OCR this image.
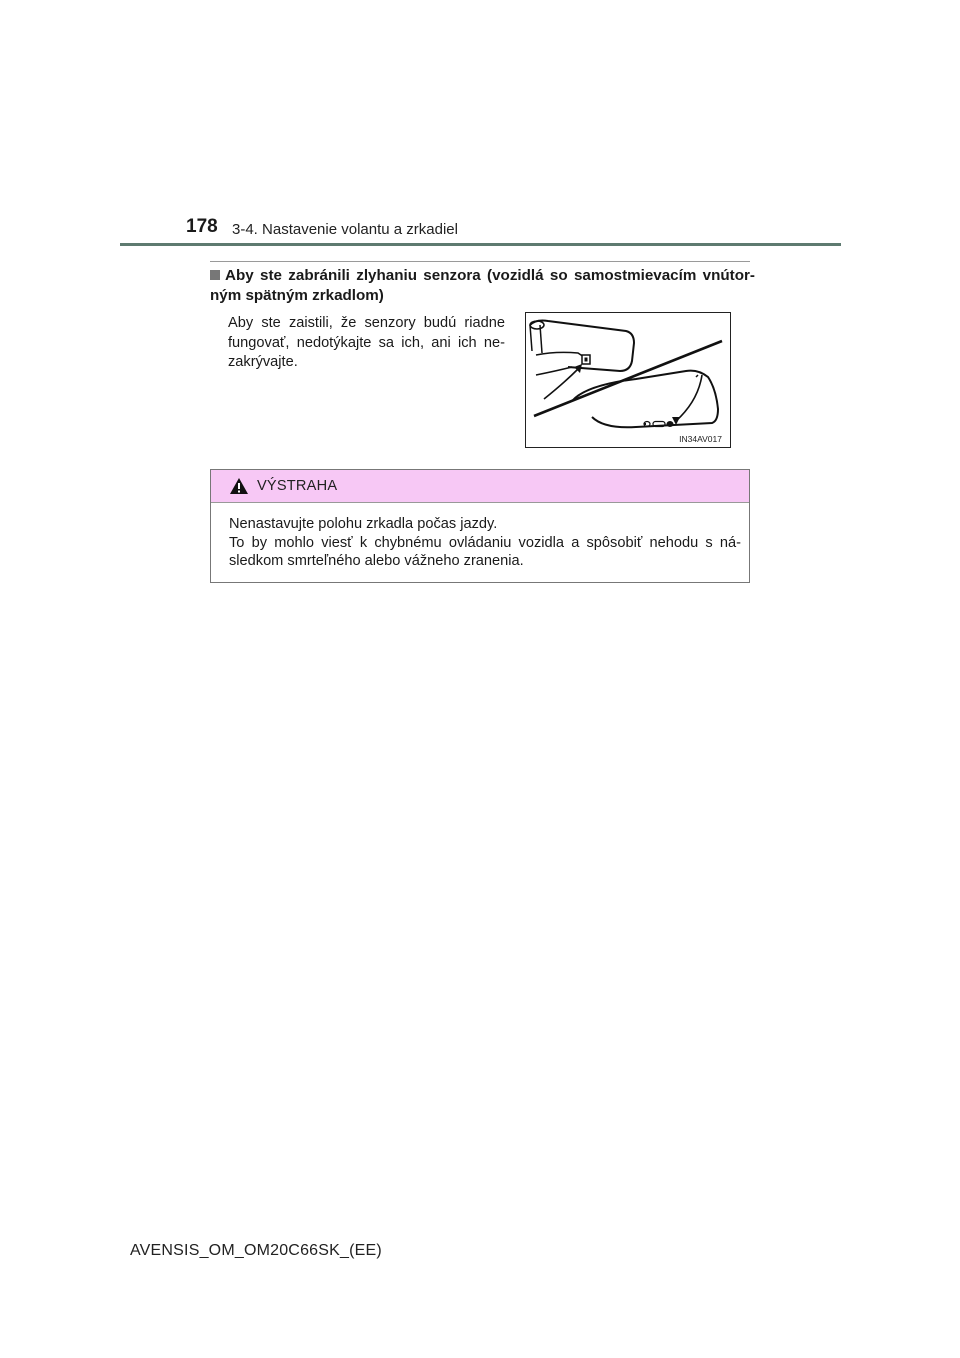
178 3-4. Nastavenie volantu a zrkadiel
Aby ste zabránili zlyhaniu senzora (vozidlá so samostmievacím vnútor-ným spätným zrkadlom)
Aby ste zaistili, že senzory budú riadne fungovať, nedotýkajte sa ich, ani ich ne-zakrývajte.
IN34AV017
VÝSTRAHA

Nenastavujte polohu zrkadla počas jazdy.

To by mohlo viesť k chybnému ovládaniu vozidla a spôsobiť nehodu s ná-sledkom smrteľného alebo vážneho zranenia.

AVENSIS_OM_OM20C66SK_(EE)
